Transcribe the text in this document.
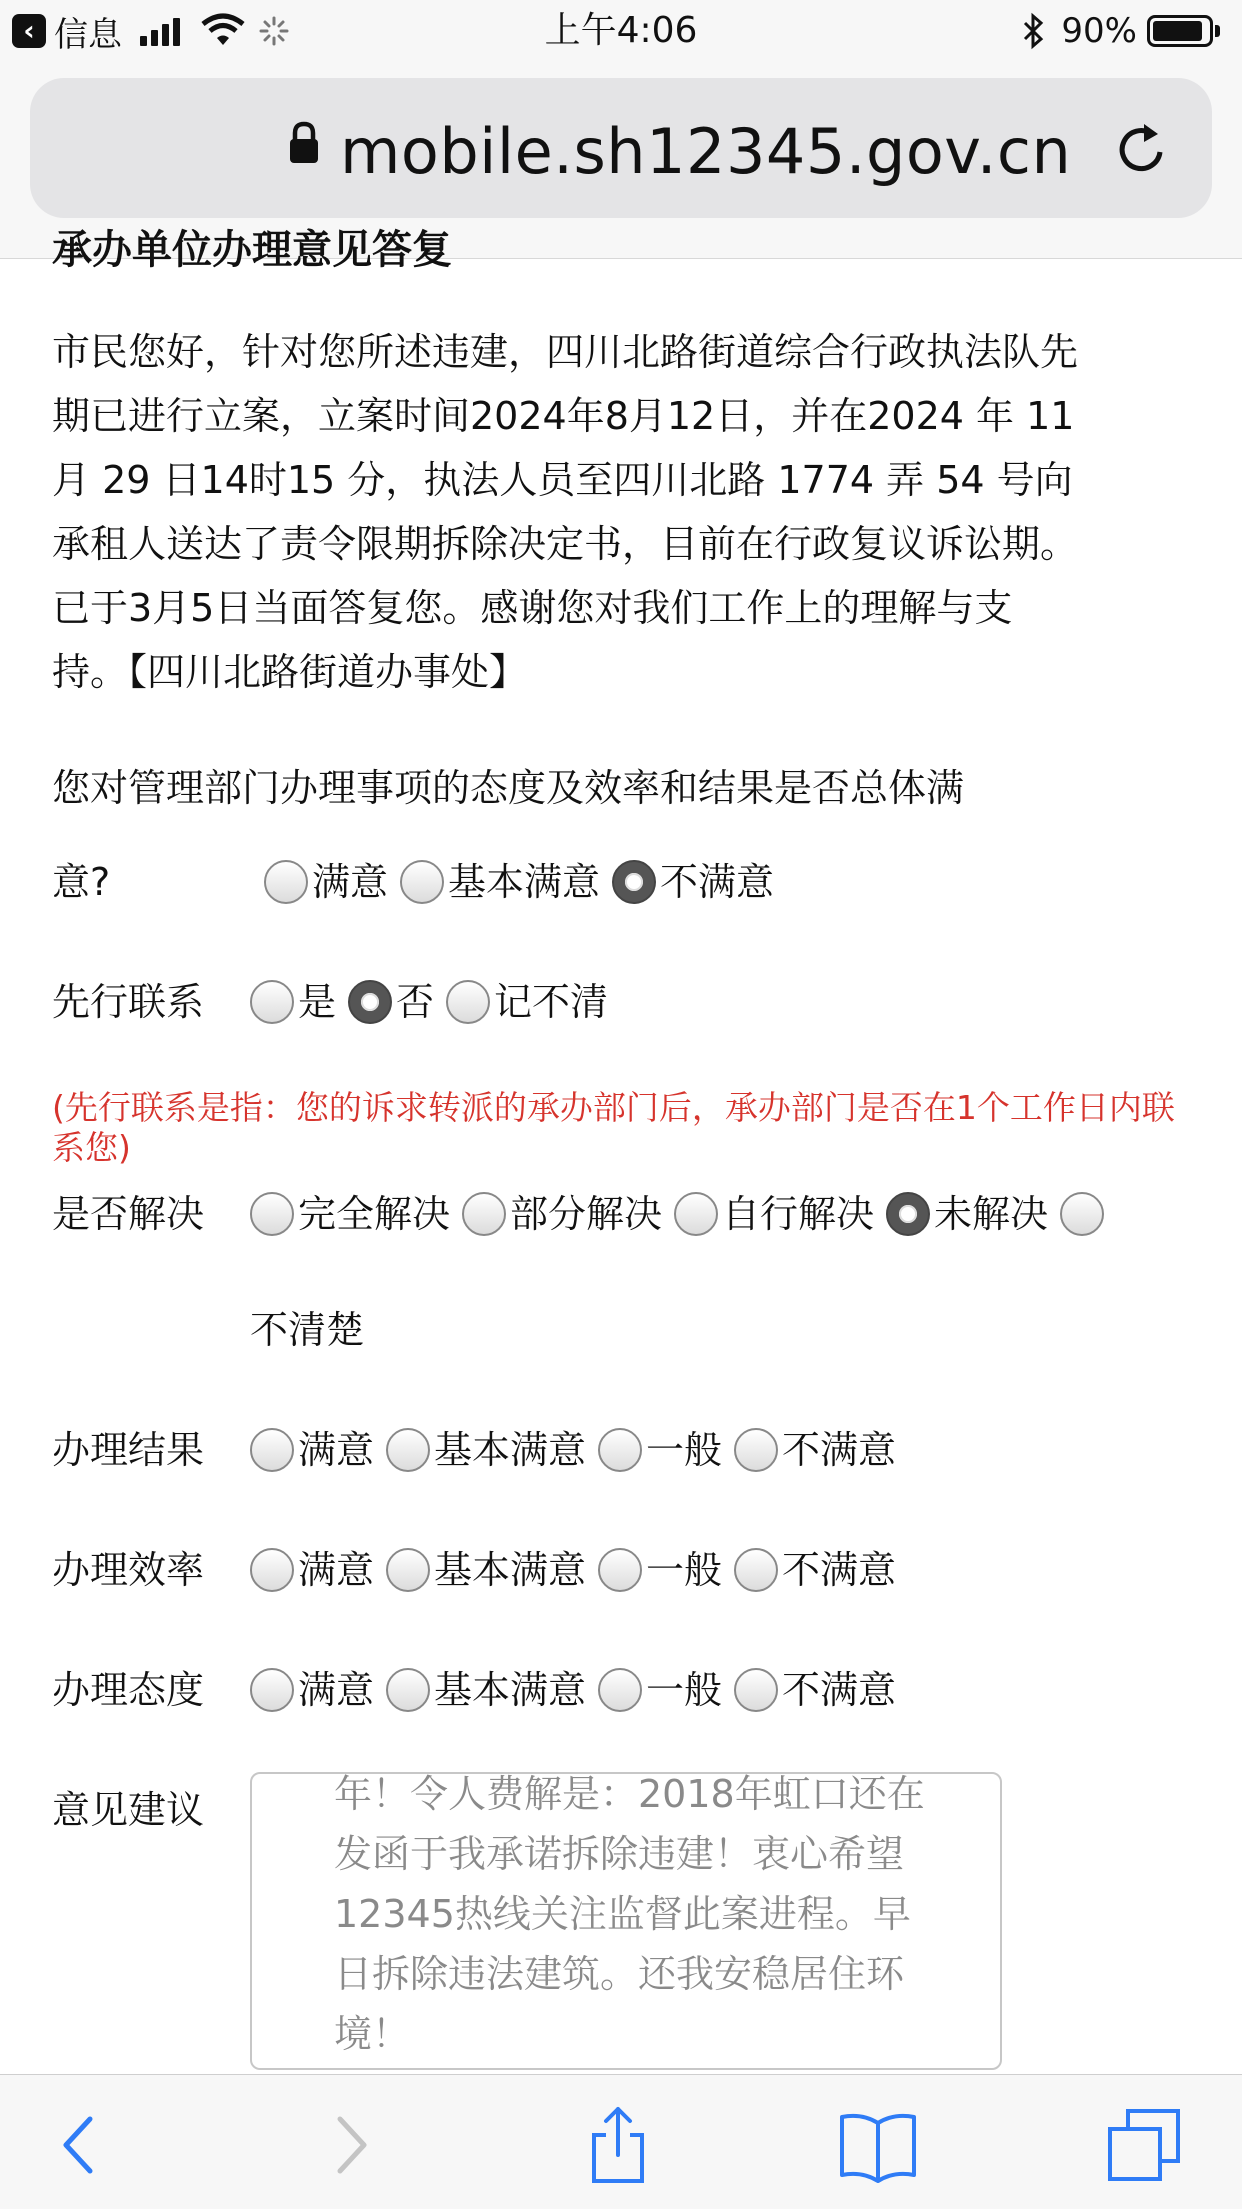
‹ 信息	上午4:06	90%
mobile.sh12345.gov.cn
承办单位办理意见答复
市民您好，针对您所述违建，四川北路街道综合行政执法队先
期已进行立案，立案时间2024年8月12日，并在2024 年 11
月 29 日14时15 分，执法人员至四川北路 1774 弄 54 号向
承租人送达了责令限期拆除决定书，目前在行政复议诉讼期。
已于3月5日当面答复您。感谢您对我们工作上的理解与支
持。【四川北路街道办事处】
您对管理部门办理事项的态度及效率和结果是否总体满
意?	满意 基本满意 不满意
先行联系	是 否 记不清
(先行联系是指：您的诉求转派的承办部门后，承办部门是否在1个工作日内联系您)
是否解决	完全解决 部分解决 自行解决 未解决
不清楚
办理结果	满意 基本满意 一般 不满意
办理效率	满意 基本满意 一般 不满意
办理态度	满意 基本满意 一般 不满意
意见建议	年！令人费解是：2018年虹口还在
发函于我承诺拆除违建！衷心希望
12345热线关注监督此案进程。早
日拆除违法建筑。还我安稳居住环
境！
